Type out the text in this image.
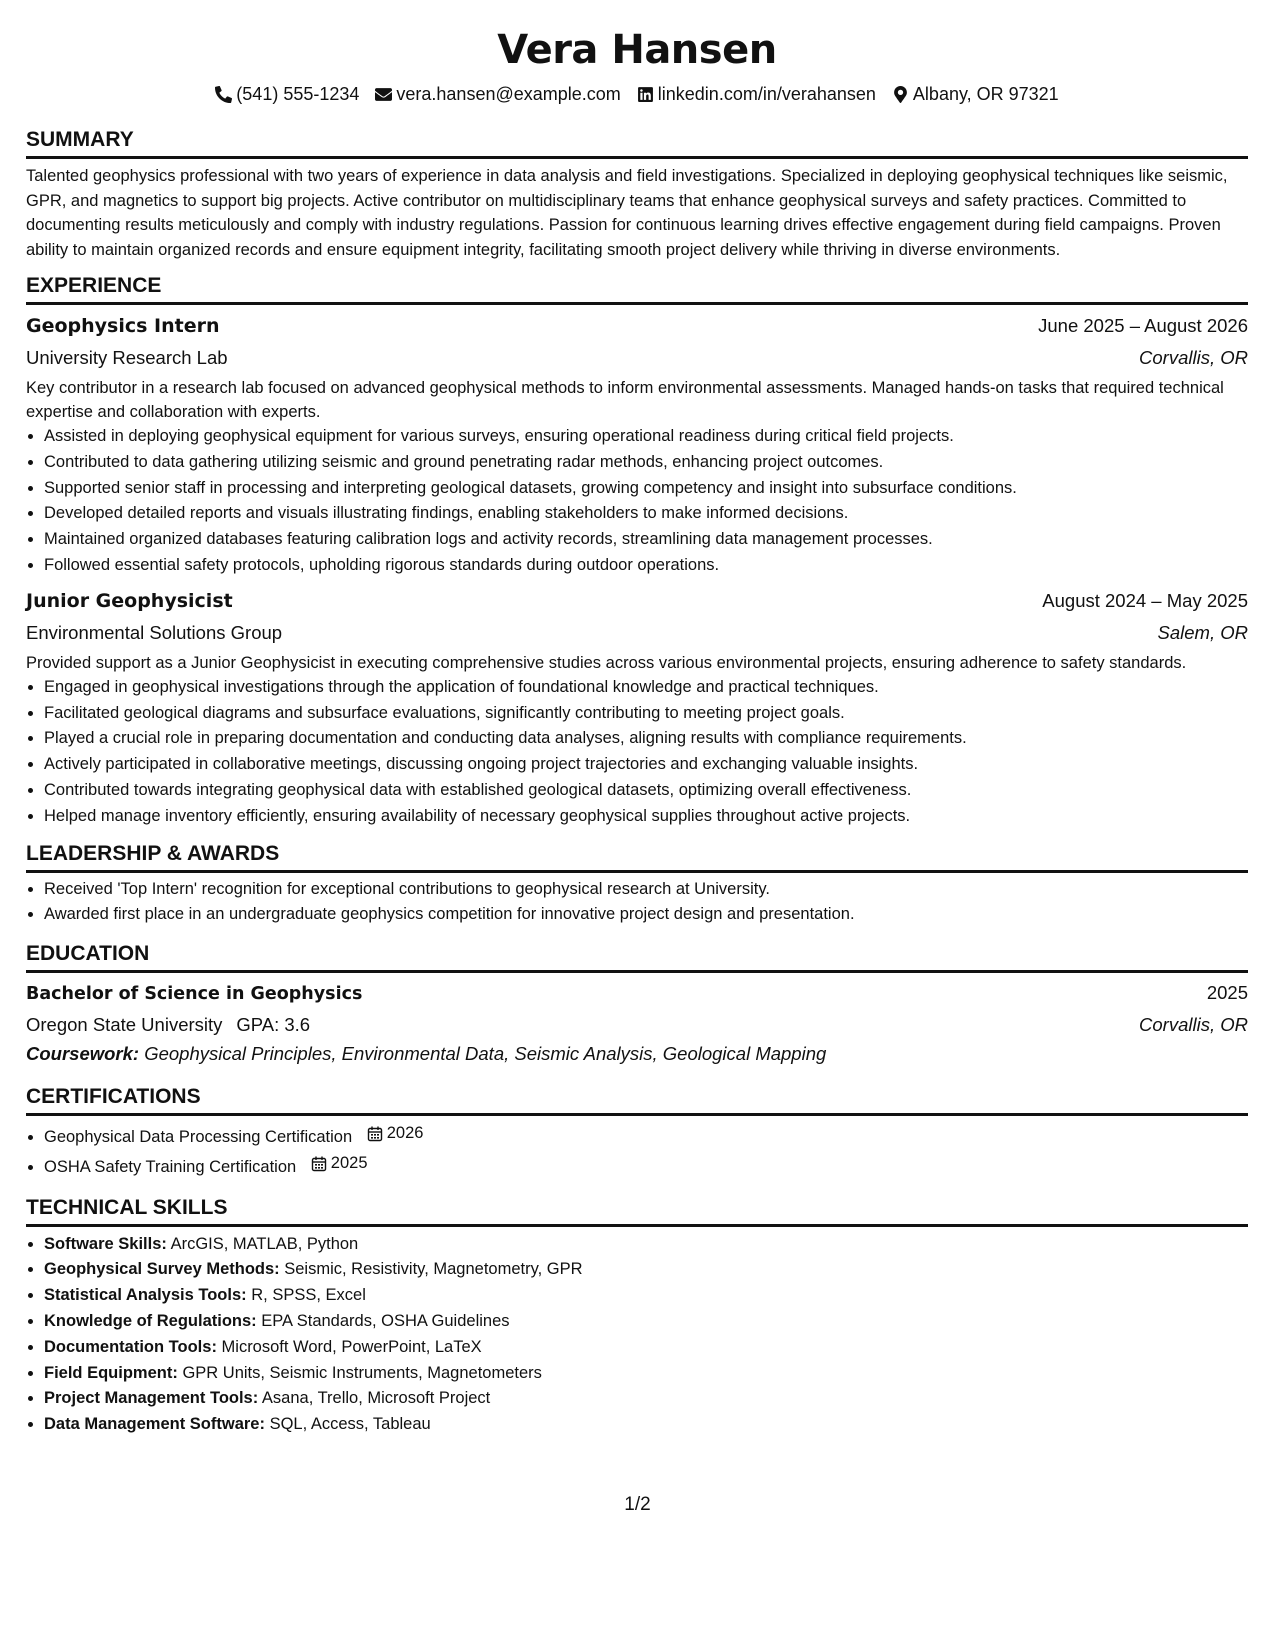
Vera Hansen
(541) 555-1234 vera.hansen@example.com linkedin.com/in/verahansen Albany, OR 97321
SUMMARY
Talented geophysics professional with two years of experience in data analysis and field investigations. Specialized in deploying geophysical techniques like seismic, GPR, and magnetics to support big projects. Active contributor on multidisciplinary teams that enhance geophysical surveys and safety practices. Committed to documenting results meticulously and comply with industry regulations. Passion for continuous learning drives effective engagement during field campaigns. Proven ability to maintain organized records and ensure equipment integrity, facilitating smooth project delivery while thriving in diverse environments.
EXPERIENCE
Geophysics Intern	June 2025 – August 2026
University Research Lab	Corvallis, OR
Key contributor in a research lab focused on advanced geophysical methods to inform environmental assessments. Managed hands-on tasks that required technical expertise and collaboration with experts.
• Assisted in deploying geophysical equipment for various surveys, ensuring operational readiness during critical field projects.
• Contributed to data gathering utilizing seismic and ground penetrating radar methods, enhancing project outcomes.
• Supported senior staff in processing and interpreting geological datasets, growing competency and insight into subsurface conditions.
• Developed detailed reports and visuals illustrating findings, enabling stakeholders to make informed decisions.
• Maintained organized databases featuring calibration logs and activity records, streamlining data management processes.
• Followed essential safety protocols, upholding rigorous standards during outdoor operations.
Junior Geophysicist	August 2024 – May 2025
Environmental Solutions Group	Salem, OR
Provided support as a Junior Geophysicist in executing comprehensive studies across various environmental projects, ensuring adherence to safety standards.
• Engaged in geophysical investigations through the application of foundational knowledge and practical techniques.
• Facilitated geological diagrams and subsurface evaluations, significantly contributing to meeting project goals.
• Played a crucial role in preparing documentation and conducting data analyses, aligning results with compliance requirements.
• Actively participated in collaborative meetings, discussing ongoing project trajectories and exchanging valuable insights.
• Contributed towards integrating geophysical data with established geological datasets, optimizing overall effectiveness.
• Helped manage inventory efficiently, ensuring availability of necessary geophysical supplies throughout active projects.
LEADERSHIP & AWARDS
• Received 'Top Intern' recognition for exceptional contributions to geophysical research at University.
• Awarded first place in an undergraduate geophysics competition for innovative project design and presentation.
EDUCATION
Bachelor of Science in Geophysics	2025
Oregon State University GPA: 3.6	Corvallis, OR
Coursework: Geophysical Principles, Environmental Data, Seismic Analysis, Geological Mapping
CERTIFICATIONS
• Geophysical Data Processing Certification 2026
• OSHA Safety Training Certification 2025
TECHNICAL SKILLS
• Software Skills: ArcGIS, MATLAB, Python
• Geophysical Survey Methods: Seismic, Resistivity, Magnetometry, GPR
• Statistical Analysis Tools: R, SPSS, Excel
• Knowledge of Regulations: EPA Standards, OSHA Guidelines
• Documentation Tools: Microsoft Word, PowerPoint, LaTeX
• Field Equipment: GPR Units, Seismic Instruments, Magnetometers
• Project Management Tools: Asana, Trello, Microsoft Project
• Data Management Software: SQL, Access, Tableau
1/2
